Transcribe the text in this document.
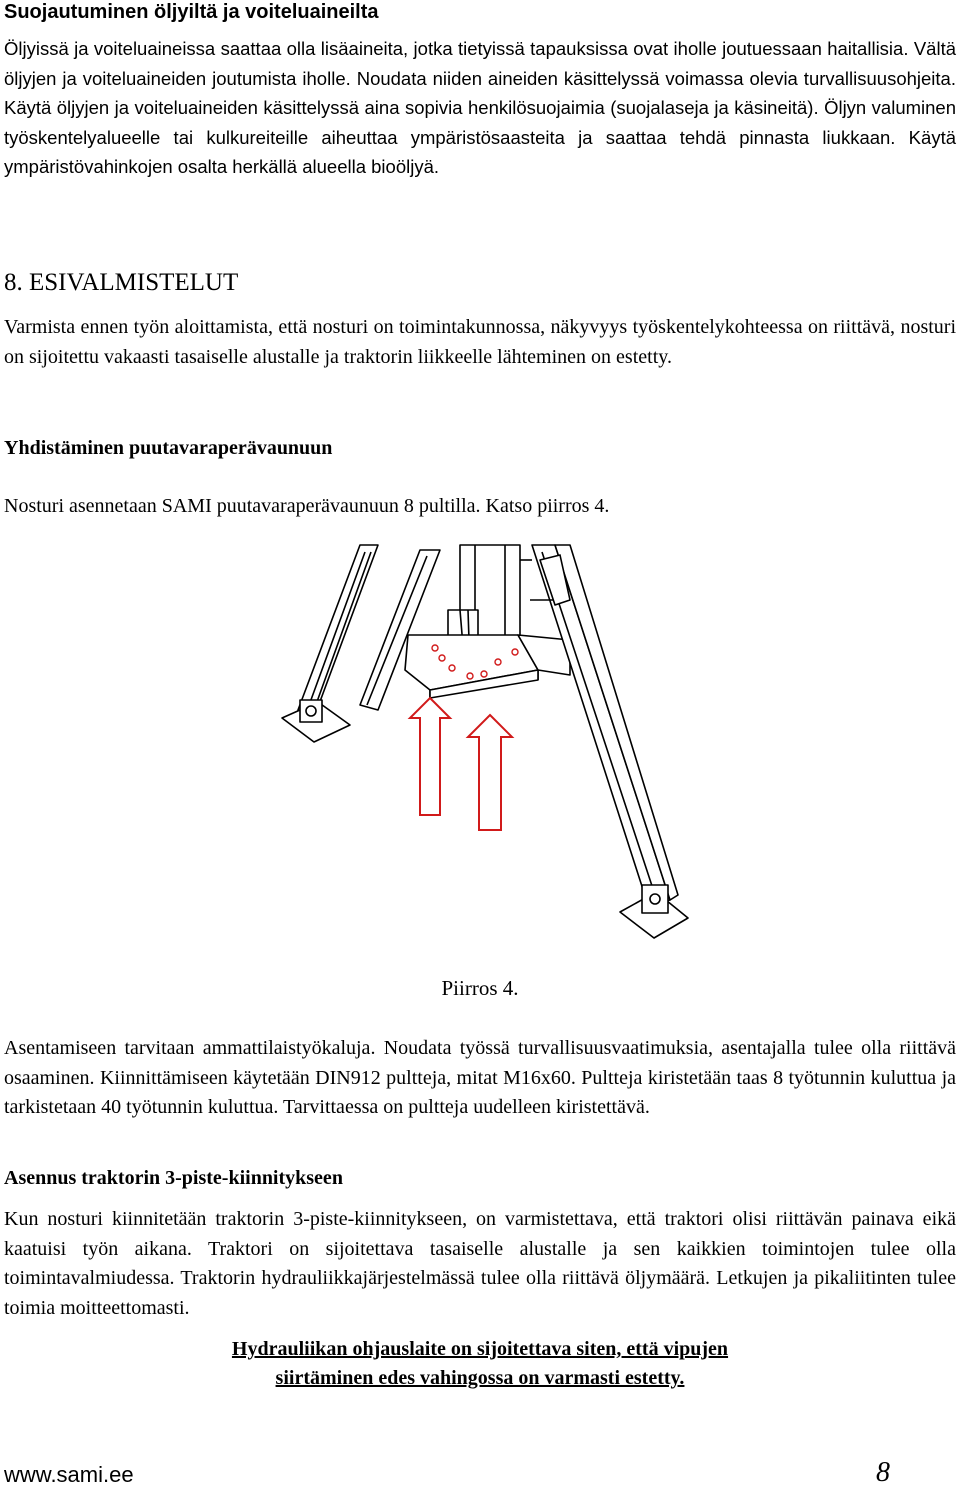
Suojautuminen öljyiltä ja voiteluaineilta
Öljyissä ja voiteluaineissa saattaa olla lisäaineita, jotka tietyissä tapauksissa ovat iholle joutuessaan haitallisia. Vältä öljyjen ja voiteluaineiden joutumista iholle. Noudata niiden aineiden käsittelyssä voimassa olevia turvallisuusohjeita. Käytä öljyjen ja voiteluaineiden käsittelyssä aina sopivia henkilösuojaimia (suojalaseja ja käsineitä). Öljyn valuminen työskentelyalueelle tai kulkureiteille aiheuttaa ympäristösaasteita ja saattaa tehdä pinnasta liukkaan. Käytä ympäristövahinkojen osalta herkällä alueella bioöljyä.
8. ESIVALMISTELUT
Varmista ennen työn aloittamista, että nosturi on toimintakunnossa, näkyvyys työskentelykohteessa on riittävä, nosturi on sijoitettu vakaasti tasaiselle alustalle ja traktorin liikkeelle lähteminen on estetty.
Yhdistäminen puutavaraperävaunuun
Nosturi asennetaan SAMI puutavaraperävaunuun 8 pultilla. Katso piirros 4.
Piirros 4.
Asentamiseen tarvitaan ammattilaistyökaluja. Noudata työssä turvallisuusvaatimuksia, asentajalla tulee olla riittävä osaaminen. Kiinnittämiseen käytetään DIN912 pultteja, mitat M16x60. Pultteja kiristetään taas 8 työtunnin kuluttua ja tarkistetaan 40 työtunnin kuluttua. Tarvittaessa on pultteja uudelleen kiristettävä.
Asennus traktorin 3-piste-kiinnitykseen
Kun nosturi kiinnitetään traktorin 3-piste-kiinnitykseen, on varmistettava, että traktori olisi riittävän painava eikä kaatuisi työn aikana. Traktori on sijoitettava tasaiselle alustalle ja sen kaikkien toimintojen tulee olla toimintavalmiudessa. Traktorin hydrauliikkajärjestelmässä tulee olla riittävä öljymäärä. Letkujen ja pikaliitinten tulee toimia moitteettomasti.
Hydrauliikan ohjauslaite on sijoitettava siten, että vipujen
siirtäminen edes vahingossa on varmasti estetty.
www.sami.ee	8
